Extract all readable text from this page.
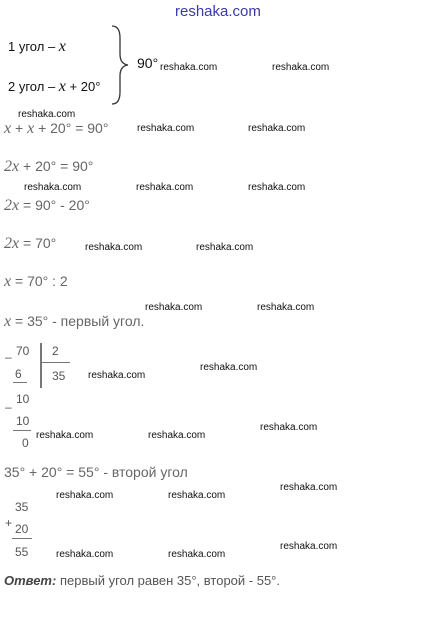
reshaka.com
1 угол – x
2 угол – x + 20°
90° reshaka.com	reshaka.com
reshaka.com
x + x + 20° = 90°	reshaka.com	reshaka.com
2x + 20° = 90°
reshaka.com	reshaka.com	reshaka.com
2x = 90° - 20°
2x = 70°	reshaka.com	reshaka.com
x = 70° : 2
reshaka.com	reshaka.com
x = 35° - первый угол.
– 70 2
6	35
–
10
10
0
reshaka.com
reshaka.com
reshaka.com	reshaka.com
reshaka.com
35° + 20° = 55° - второй угол
+
35
20
55
reshaka.com	reshaka.com
reshaka.com
reshaka.com	reshaka.com
reshaka.com
Ответ: первый угол равен 35°, второй - 55°.
